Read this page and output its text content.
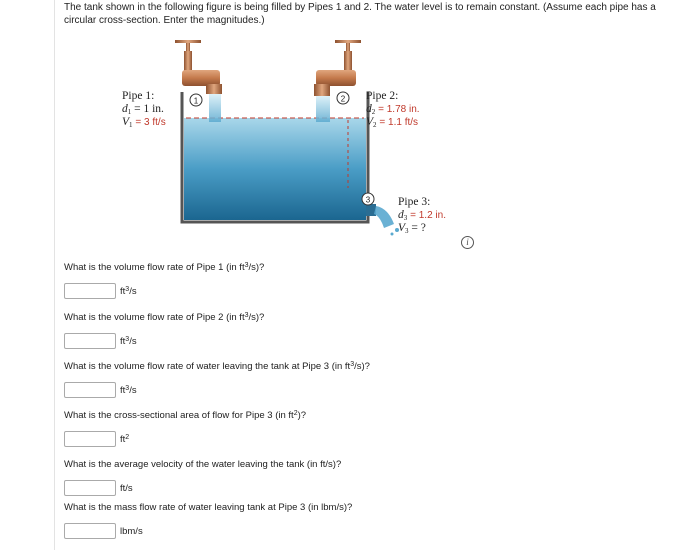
The tank shown in the following figure is being filled by Pipes 1 and 2. The water level is to remain constant. (Assume each pipe has a circular cross-section. Enter the magnitudes.)

1	2
3
Pipe 1:
$d_1 = 1$ in.
$V_1 = 3$ ft/s
Pipe 2:
$d_2 = 1.78$ in.
$V_2 = 1.1$ ft/s
Pipe 3:
$d_3 = 1.2$ in.
$V_3$ = ?
i

What is the volume flow rate of Pipe 1 (in $ft^3/s$)?

$ft^3/s$

What is the volume flow rate of Pipe 2 (in $ft^3/s$)?

$ft^3/s$

What is the volume flow rate of water leaving the tank at Pipe 3 (in $ft^3/s$)?

$ft^3/s$

What is the cross-sectional area of flow for Pipe 3 (in $ft^2$)?

$ft^2$

What is the average velocity of the water leaving the tank (in ft/s)?

ft/s

What is the mass flow rate of water leaving tank at Pipe 3 (in lbm/s)?

lbm/s
